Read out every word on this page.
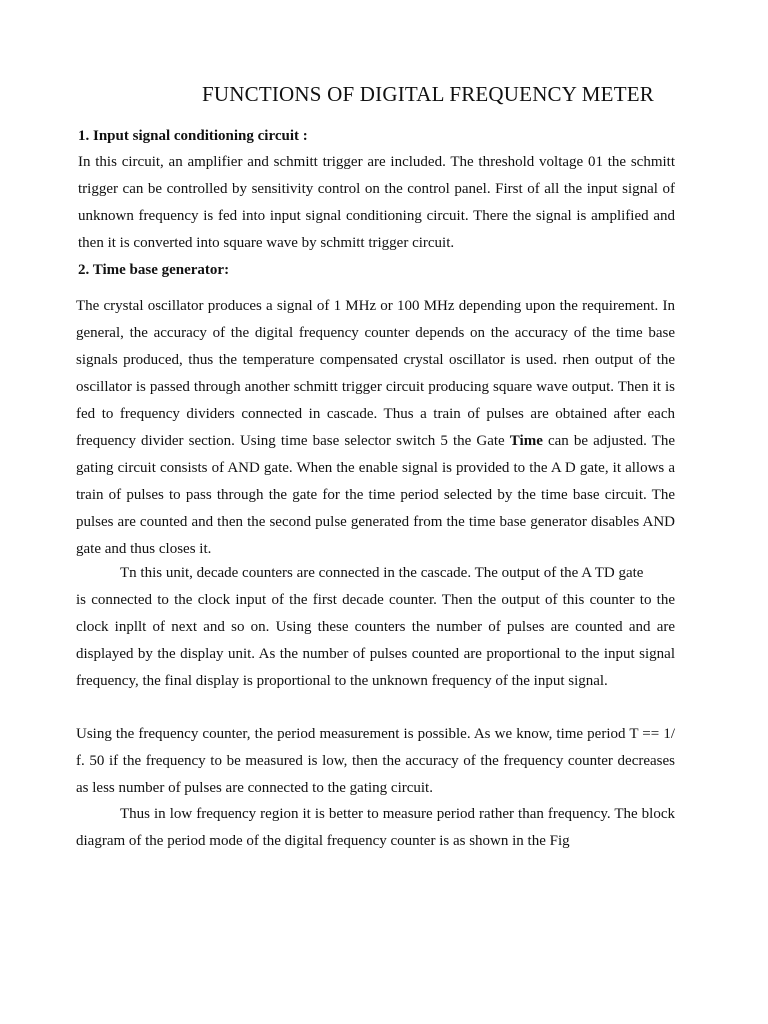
FUNCTIONS OF DIGITAL FREQUENCY METER
1. Input signal conditioning circuit :
In this circuit, an amplifier and schmitt trigger are included. The threshold voltage 01 the schmitt trigger can be controlled by sensitivity control on the control panel. First of all the input signal of unknown frequency is fed into input signal conditioning circuit. There the signal is amplified and then it is converted into square wave by schmitt trigger circuit.
2. Time base generator:
The crystal oscillator produces a signal of 1 MHz or 100 MHz depending upon the requirement. In general, the accuracy of the digital frequency counter depends on the accuracy of the time base signals produced, thus the temperature compensated crystal oscillator is used. rhen output of the oscillator is passed through another schmitt trigger circuit producing square wave output. Then it is fed to frequency dividers connected in cascade. Thus a train of pulses are obtained after each frequency divider section. Using time base selector switch 5 the Gate Time can be adjusted. The gating circuit consists of AND gate. When the enable signal is provided to the A D gate, it allows a train of pulses to pass through the gate for the time period selected by the time base circuit. The pulses are counted and then the second pulse generated from the time base generator disables AND gate and thus closes it.
Tn this unit, decade counters are connected in the cascade. The output of the A TD gate
is connected to the clock input of the first decade counter. Then the output of this counter to the clock inpllt of next and so on. Using these counters the number of pulses are counted and are displayed by the display unit. As the number of pulses counted are proportional to the input signal frequency, the final display is proportional to the unknown frequency of the input signal.
Using the frequency counter, the period measurement is possible. As we know, time period T == 1/ f. 50 if the frequency to be measured is low, then the accuracy of the frequency counter decreases as less number of pulses are connected to the gating circuit.
Thus in low frequency region it is better to measure period rather than frequency. The block diagram of the period mode of the digital frequency counter is as shown in the Fig
